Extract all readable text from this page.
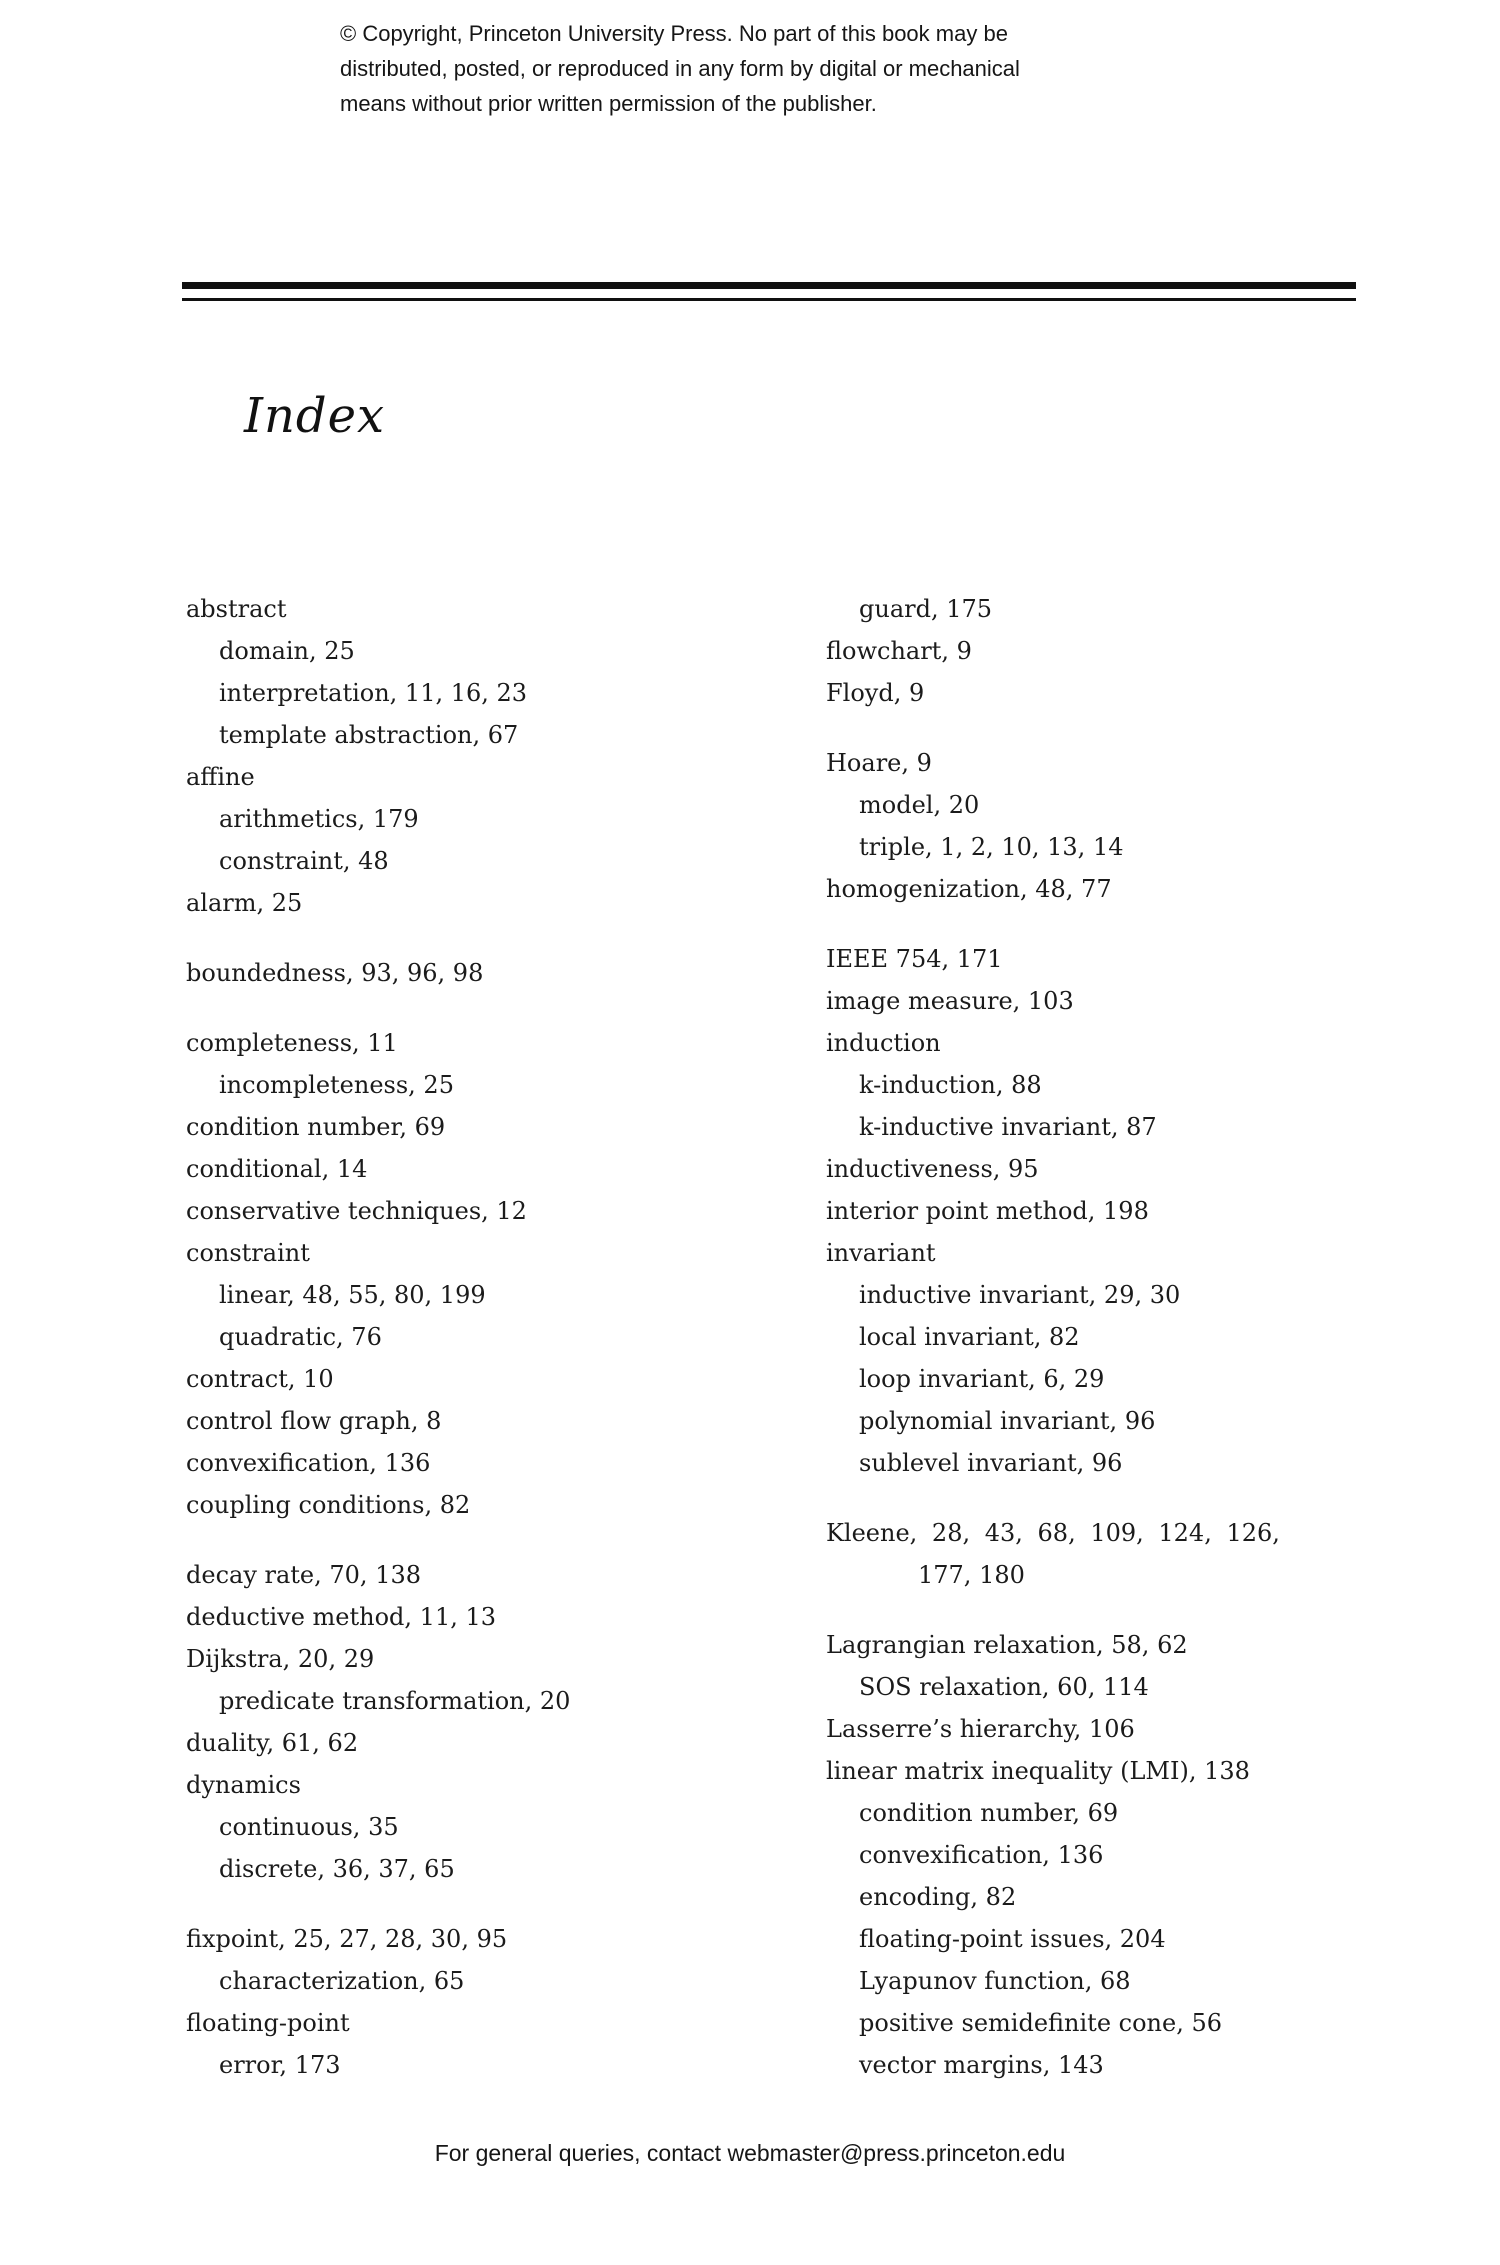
© Copyright, Princeton University Press. No part of this book may be
distributed, posted, or reproduced in any form by digital or mechanical
means without prior written permission of the publisher.
Index
abstract
domain, 25
interpretation, 11, 16, 23
template abstraction, 67
affine
arithmetics, 179
constraint, 48
alarm, 25
boundedness, 93, 96, 98
completeness, 11
incompleteness, 25
condition number, 69
conditional, 14
conservative techniques, 12
constraint
linear, 48, 55, 80, 199
quadratic, 76
contract, 10
control flow graph, 8
convexification, 136
coupling conditions, 82
decay rate, 70, 138
deductive method, 11, 13
Dijkstra, 20, 29
predicate transformation, 20
duality, 61, 62
dynamics
continuous, 35
discrete, 36, 37, 65
fixpoint, 25, 27, 28, 30, 95
characterization, 65
floating-point
error, 173
guard, 175
flowchart, 9
Floyd, 9
Hoare, 9
model, 20
triple, 1, 2, 10, 13, 14
homogenization, 48, 77
IEEE 754, 171
image measure, 103
induction
k-induction, 88
k-inductive invariant, 87
inductiveness, 95
interior point method, 198
invariant
inductive invariant, 29, 30
local invariant, 82
loop invariant, 6, 29
polynomial invariant, 96
sublevel invariant, 96
Kleene, 28, 43, 68, 109, 124, 126,
177, 180
Lagrangian relaxation, 58, 62
SOS relaxation, 60, 114
Lasserre’s hierarchy, 106
linear matrix inequality (LMI), 138
condition number, 69
convexification, 136
encoding, 82
floating-point issues, 204
Lyapunov function, 68
positive semidefinite cone, 56
vector margins, 143
For general queries, contact webmaster@press.princeton.edu
